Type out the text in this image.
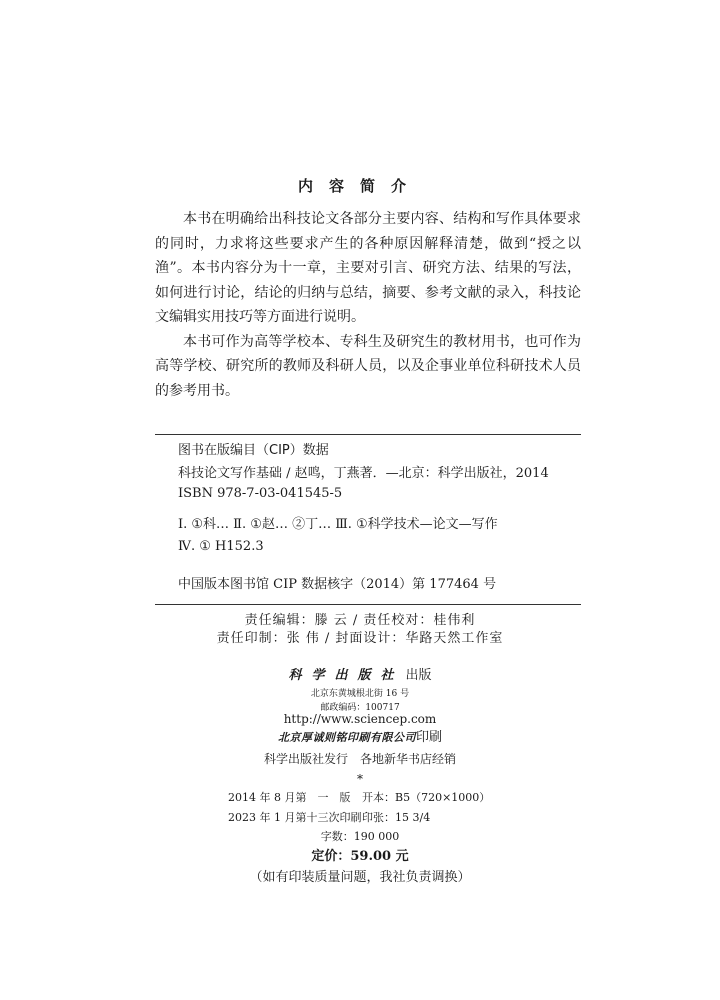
内容简介

本书在明确给出科技论文各部分主要内容、结构和写作具体要求的同时，力求将这些要求产生的各种原因解释清楚，做到“授之以渔”。本书内容分为十一章，主要对引言、研究方法、结果的写法，如何进行讨论，结论的归纳与总结，摘要、参考文献的录入，科技论文编辑实用技巧等方面进行说明。

本书可作为高等学校本、专科生及研究生的教材用书，也可作为高等学校、研究所的教师及科研人员，以及企事业单位科研技术人员的参考用书。

图书在版编目（CIP）数据
科技论文写作基础 / 赵鸣，丁燕著．—北京：科学出版社，2014
ISBN 978-7-03-041545-5
Ⅰ. ①科… Ⅱ. ①赵… ②丁… Ⅲ. ①科学技术—论文—写作
Ⅳ. ① H152.3
中国版本图书馆 CIP 数据核字（2014）第 177464 号
责任编辑：滕 云 / 责任校对：桂伟利
责任印制：张 伟 / 封面设计：华路天然工作室
科学出版社 出版
北京东黄城根北街 16 号
邮政编码：100717
http://www.sciencep.com
北京厚诚则铭印刷有限公司印刷
科学出版社发行　各地新华书店经销
*
2014 年 8 月第　一　版 开本：B5（720×1000）
2023 年 1 月第十三次印刷 印张：15 3/4
字数：190 000
定价：59.00 元
（如有印装质量问题，我社负责调换）
